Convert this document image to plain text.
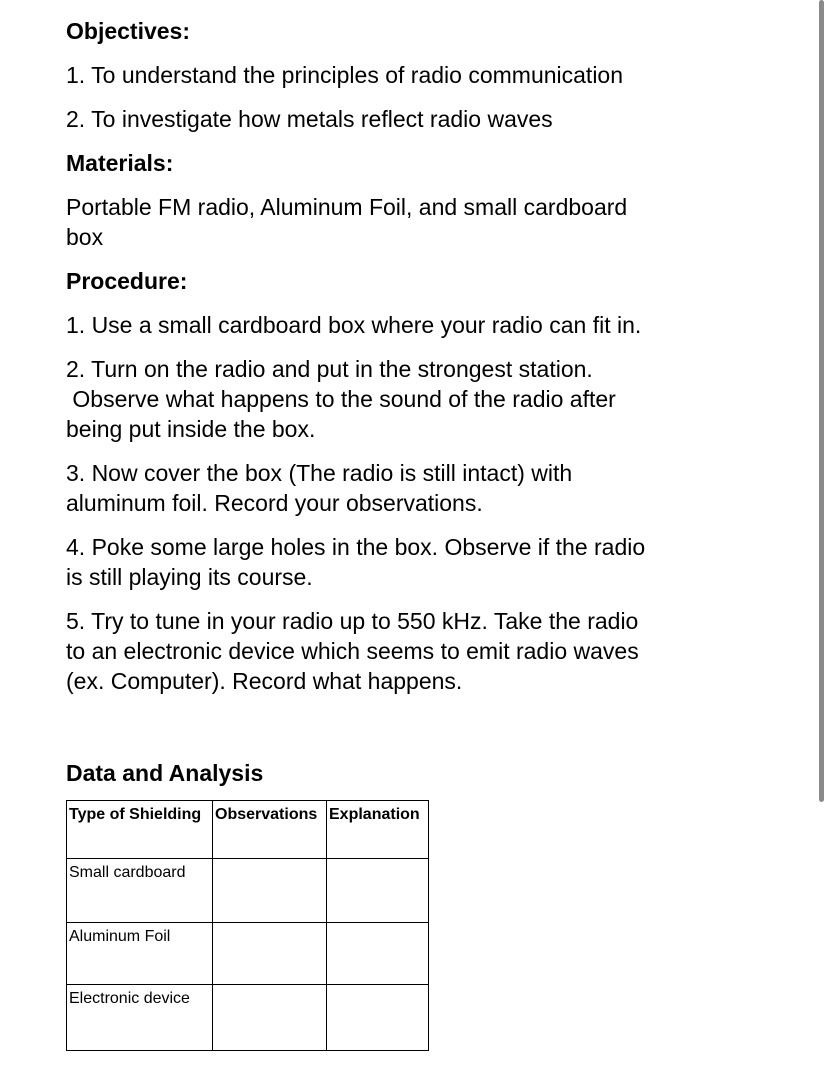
Objectives:

1. To understand the principles of radio communication

2. To investigate how metals reflect radio waves

Materials:

Portable FM radio, Aluminum Foil, and small cardboard

box

Procedure:

1. Use a small cardboard box where your radio can fit in.

2. Turn on the radio and put in the strongest station.

Observe what happens to the sound of the radio after

being put inside the box.

3. Now cover the box (The radio is still intact) with

aluminum foil. Record your observations.

4. Poke some large holes in the box. Observe if the radio

is still playing its course.

5. Try to tune in your radio up to 550 kHz. Take the radio

to an electronic device which seems to emit radio waves

(ex. Computer). Record what happens.

Data and Analysis

Type of Shielding	Observations	Explanation
Small cardboard		
Aluminum Foil		
Electronic device		
